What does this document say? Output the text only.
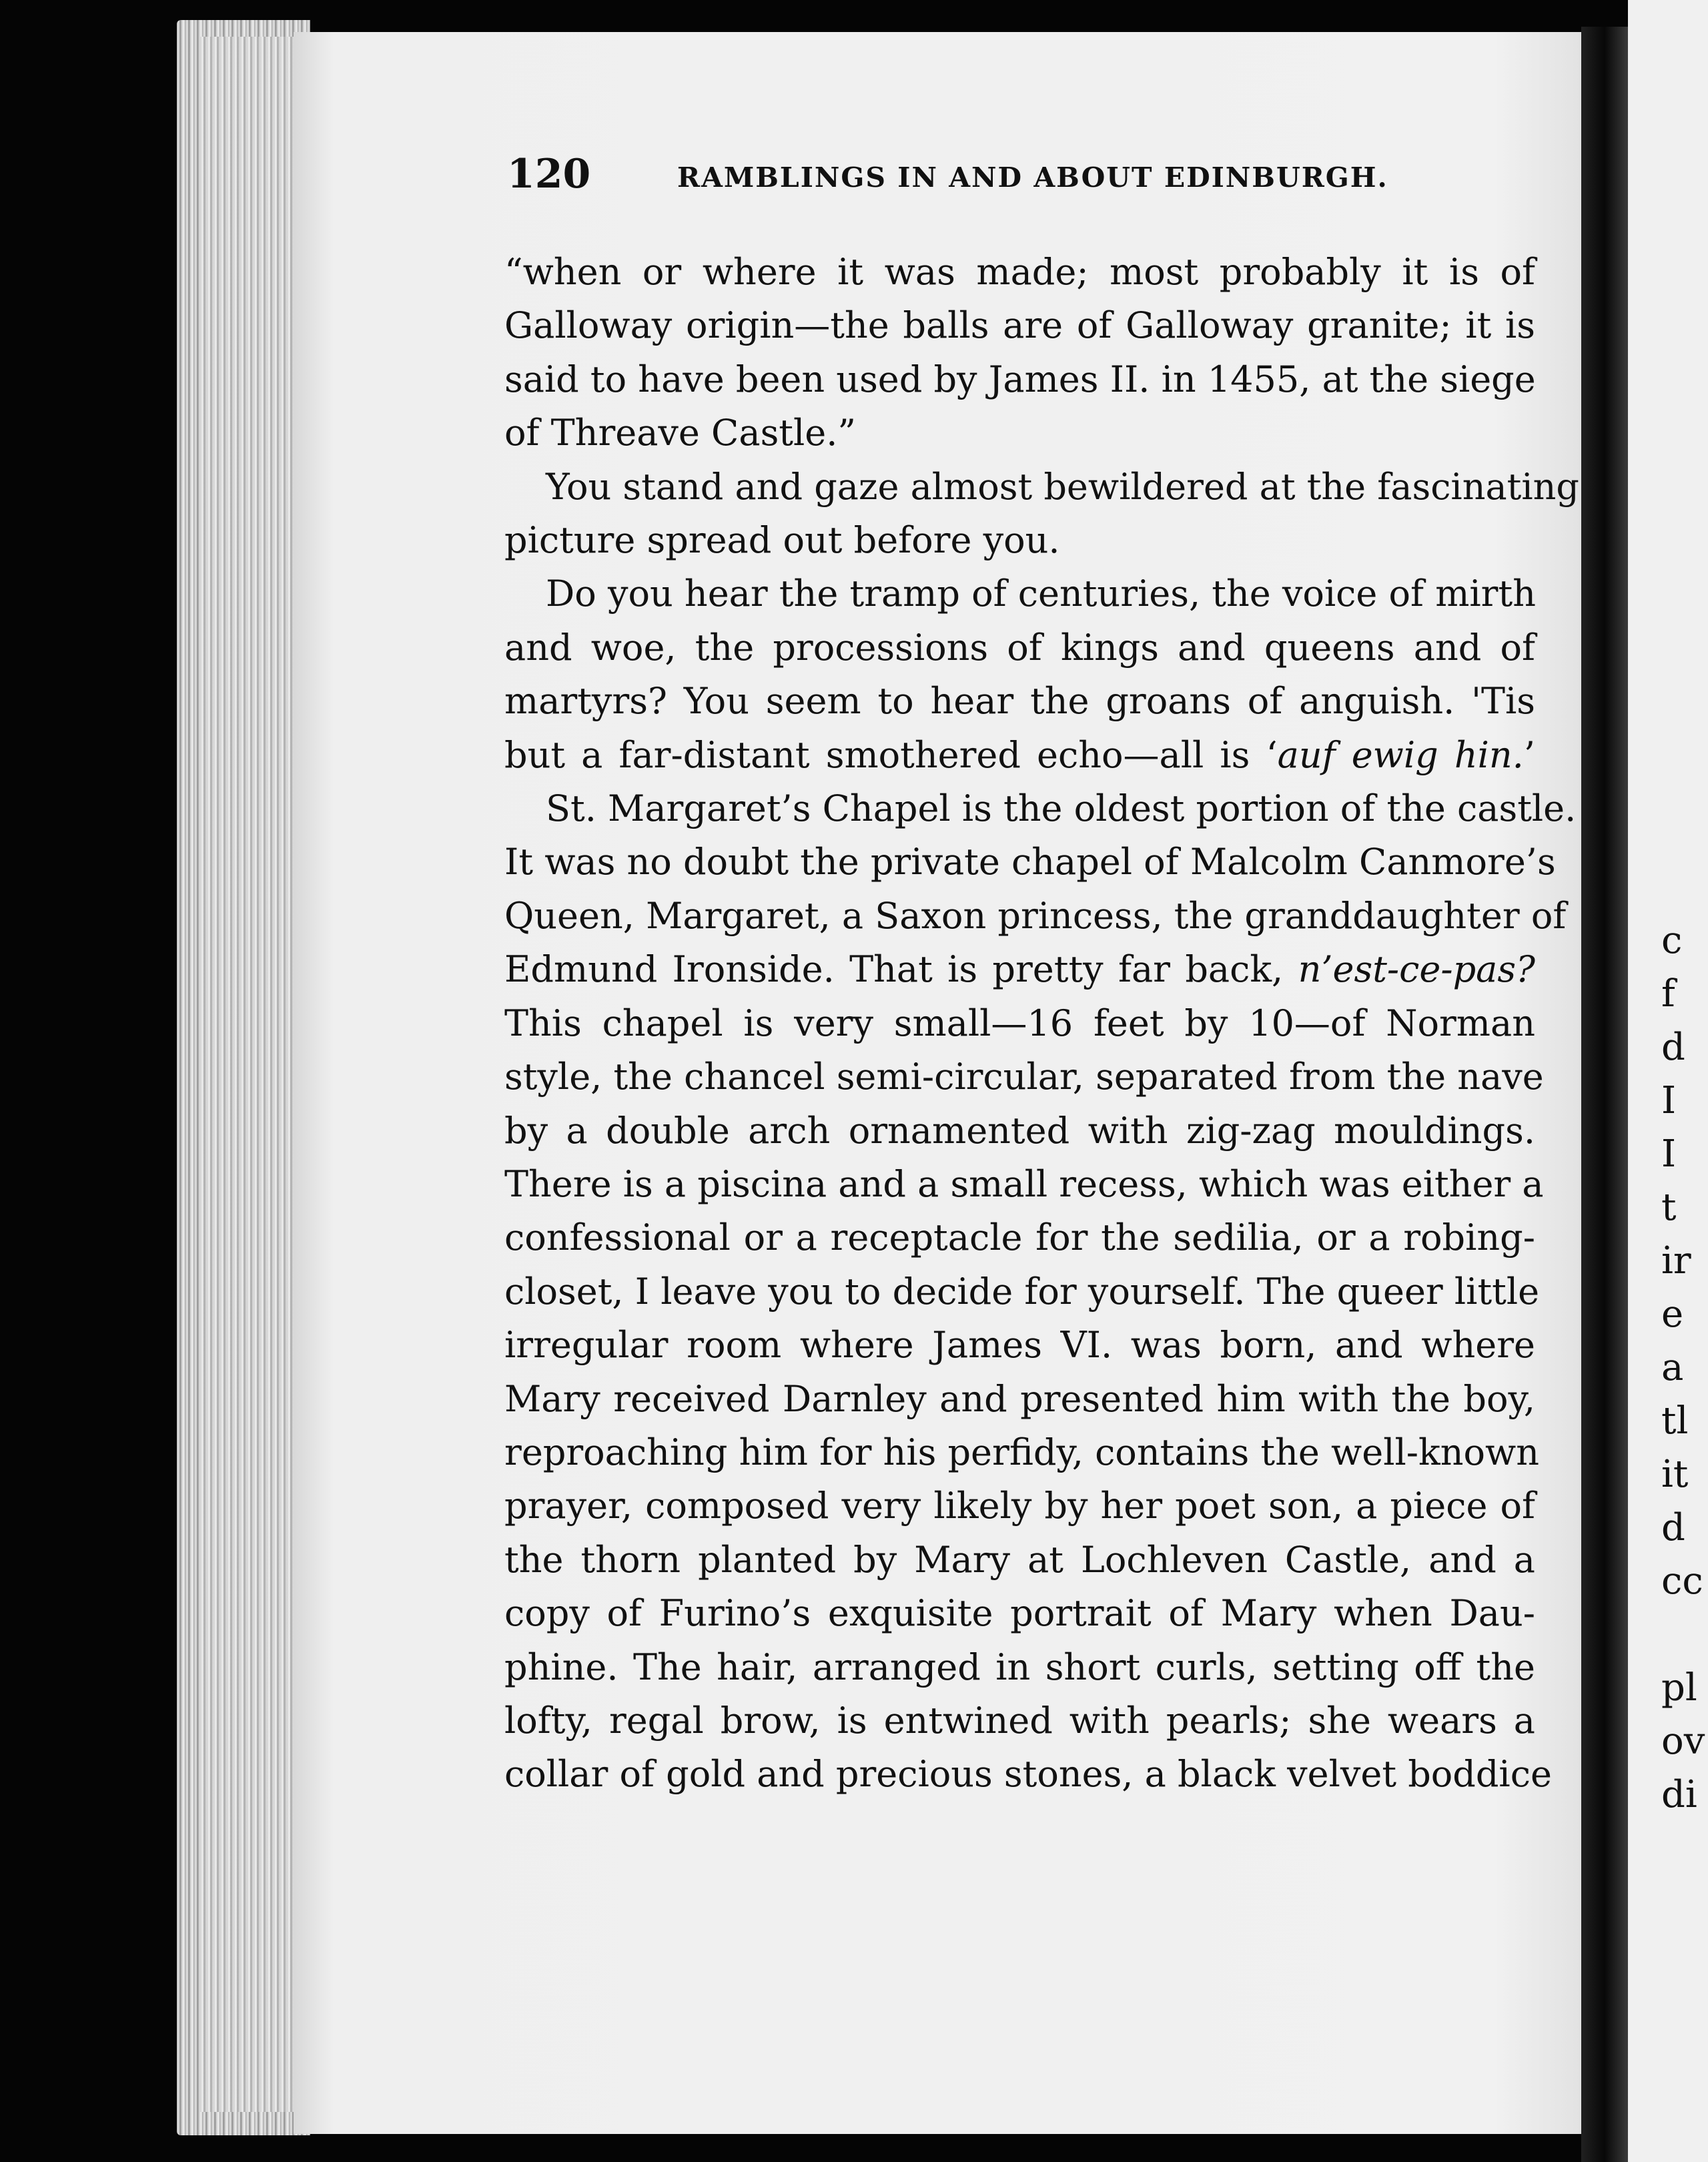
c
f
d
I
I
t
ir
e
a
tl
it
d
cc

pl
ov
di
120	RAMBLINGS IN AND ABOUT EDINBURGH.

“when or where it was made; most probably it is of
Galloway origin—the balls are of Galloway granite; it is
said to have been used by James II. in 1455, at the siege
of Threave Castle.”

You stand and gaze almost bewildered at the fascinating
picture spread out before you.

Do you hear the tramp of centuries, the voice of mirth
and woe, the processions of kings and queens and of
martyrs? You seem to hear the groans of anguish. 'Tis
but a far-distant smothered echo—all is ‘auf ewig hin.’

St. Margaret’s Chapel is the oldest portion of the castle.
It was no doubt the private chapel of Malcolm Canmore’s
Queen, Margaret, a Saxon princess, the granddaughter of
Edmund Ironside. That is pretty far back, n’est-ce-pas?
This chapel is very small—16 feet by 10—of Norman
style, the chancel semi-circular, separated from the nave
by a double arch ornamented with zig-zag mouldings.
There is a piscina and a small recess, which was either a
confessional or a receptacle for the sedilia, or a robing-
closet, I leave you to decide for yourself. The queer little
irregular room where James VI. was born, and where
Mary received Darnley and presented him with the boy,
reproaching him for his perfidy, contains the well-known
prayer, composed very likely by her poet son, a piece of
the thorn planted by Mary at Lochleven Castle, and a
copy of Furino’s exquisite portrait of Mary when Dau-
phine. The hair, arranged in short curls, setting off the
lofty, regal brow, is entwined with pearls; she wears a
collar of gold and precious stones, a black velvet boddice
